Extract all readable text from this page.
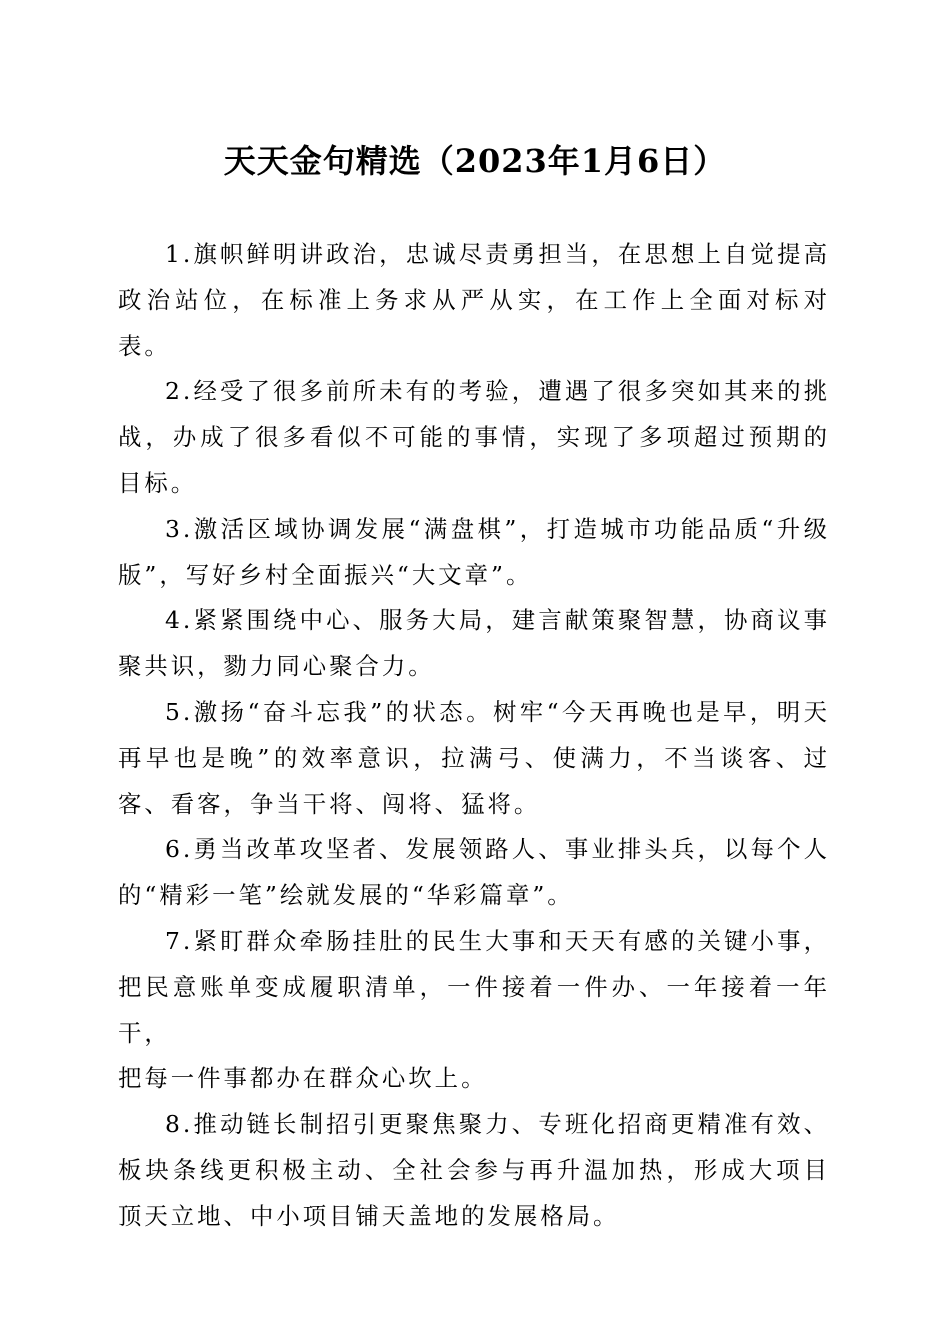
天天金句精选（2023年1月6日）

1.旗帜鲜明讲政治，忠诚尽责勇担当，在思想上自觉提高政治站位，在标准上务求从严从实，在工作上全面对标对表。

2.经受了很多前所未有的考验，遭遇了很多突如其来的挑战，办成了很多看似不可能的事情，实现了多项超过预期的目标。

3.激活区域协调发展“满盘棋”，打造城市功能品质“升级版”，写好乡村全面振兴“大文章”。

4.紧紧围绕中心、服务大局，建言献策聚智慧，协商议事聚共识，勠力同心聚合力。

5.激扬“奋斗忘我”的状态。树牢“今天再晚也是早，明天再早也是晚”的效率意识，拉满弓、使满力，不当谈客、过客、看客，争当干将、闯将、猛将。

6.勇当改革攻坚者、发展领路人、事业排头兵，以每个人的“精彩一笔”绘就发展的“华彩篇章”。

7.紧盯群众牵肠挂肚的民生大事和天天有感的关键小事，把民意账单变成履职清单，一件接着一件办、一年接着一年干，
把每一件事都办在群众心坎上。

8.推动链长制招引更聚焦聚力、专班化招商更精准有效、板块条线更积极主动、全社会参与再升温加热，形成大项目顶天立地、中小项目铺天盖地的发展格局。
